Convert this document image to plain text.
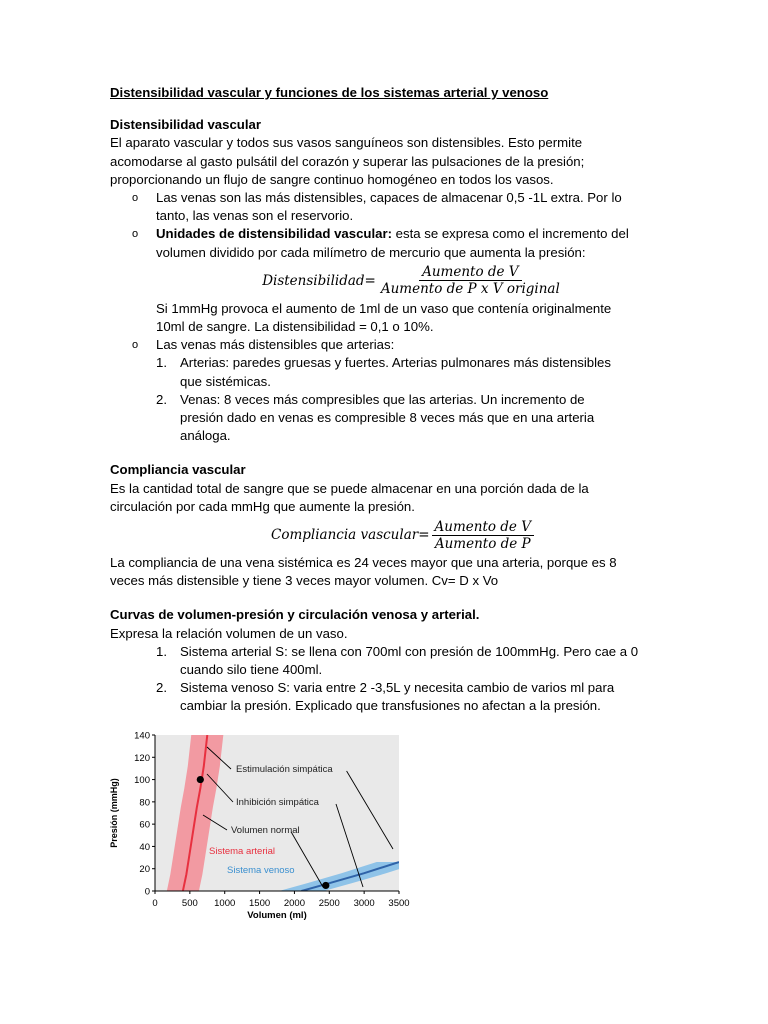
Distensibilidad vascular y funciones de los sistemas arterial y venoso
Distensibilidad vascular
El aparato vascular y todos sus vasos sanguíneos son distensibles. Esto permite
acomodarse al gasto pulsátil del corazón y superar las pulsaciones de la presión;
proporcionando un flujo de sangre continuo homogéneo en todos los vasos.
o Las venas son las más distensibles, capaces de almacenar 0,5 -1L extra. Por lo
tanto, las venas son el reservorio.
o Unidades de distensibilidad vascular: esta se expresa como el incremento del
volumen dividido por cada milímetro de mercurio que aumenta la presión:
Distensibilidad = $\frac{\text{Aumento de V}}{\text{Aumento de P x V original}}$
Si 1mmHg provoca el aumento de 1ml de un vaso que contenía originalmente
10ml de sangre. La distensibilidad = 0,1 o 10%.
o Las venas más distensibles que arterias:
1. Arterias: paredes gruesas y fuertes. Arterias pulmonares más distensibles
que sistémicas.
2. Venas: 8 veces más compresibles que las arterias. Un incremento de
presión dado en venas es compresible 8 veces más que en una arteria
análoga.
Compliancia vascular
Es la cantidad total de sangre que se puede almacenar en una porción dada de la
circulación por cada mmHg que aumente la presión.
Compliancia vascular = $\frac{\text{Aumento de V}}{\text{Aumento de P}}$
La compliancia de una vena sistémica es 24 veces mayor que una arteria, porque es 8
veces más distensible y tiene 3 veces mayor volumen. Cv= D x Vo
Curvas de volumen-presión y circulación venosa y arterial.
Expresa la relación volumen de un vaso.
1. Sistema arterial S: se llena con 700ml con presión de 100mmHg. Pero cae a 0
cuando silo tiene 400ml.
2. Sistema venoso S: varia entre 2 -3,5L y necesita cambio de varios ml para
cambiar la presión. Explicado que transfusiones no afectan a la presión.
Sistema arterial
Sistema venoso
Estimulación simpática
Inhibición simpática
Volumen normal
0	500 1000 1500 2000 2500 3000 3500
0
20
40
60
80
100
120
140
Volumen (ml)
Presión (mmHg)
